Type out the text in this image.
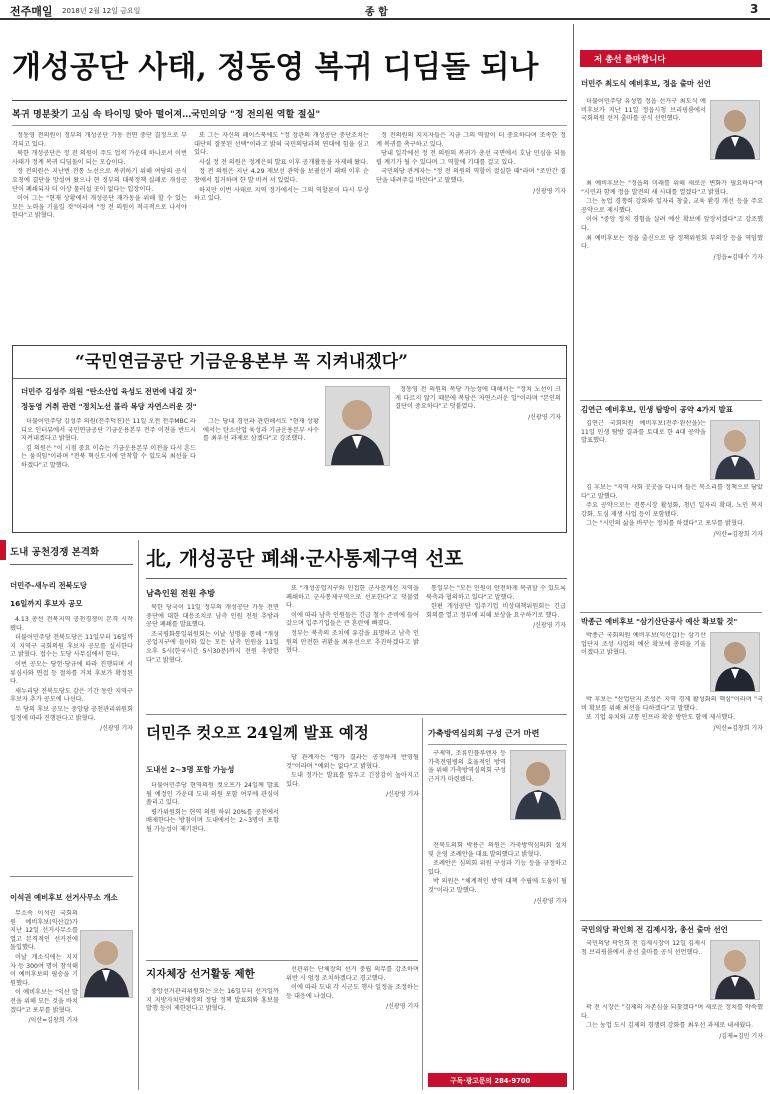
전주매일 2018년 2월 12일 금요일	종 합	3
개성공단 사태, 정동영 복귀 디딤돌 되나
복귀 명분찾기 고심 속 타이밍 맞아 떨어져…국민의당 "정 전의원 역할 절실"

정동영 전의원이 정부의 개성공단 가동 전면 중단 결정으로 부각되고 있다.

북한 개성공단은 정 전 의원이 주도 업적 가운데 하나로서 이번 사태가 정계 복귀 디딤돌이 되는 모습이다.

정 전의원은 지난번 전통 노선으로 복귀하기 위해 여당의 공식 요청에 결단을 망설여 왔으나 현 정부의 대북정책 실패로 개성공단이 폐쇄되자 더 이상 물러설 곳이 없다는 입장이다.

이어 그는 "현재 상황에서 개성공단 재가동을 위해 할 수 있는 모든 노력을 기울일 것"이라며 "정 전 의원이 적극적으로 나서야 한다"고 밝혔다.

또 그는 자신의 페이스북에도 "정 장관의 개성공단 중단조치는 대단히 잘못된 선택"이라고 밝혀 국민의당과의 연대에 힘을 싣고 있다.

사실 정 전 의원은 정계은퇴 발표 이후 공개활동을 자제해 왔다.

정 전 의원은 지난 4.29 재보선 관악을 보궐선거 패배 이후 순창에서 칩거하며 한 발 비켜 서 있었다.

하지만 이번 사태로 지역 정가에서는 그의 역할론이 다시 부상하고 있다.

정 전의원의 지지자들은 지금 그의 역할이 더 중요하다며 조속한 정계 복귀를 촉구하고 있다.

당내 일각에선 정 전 의원의 복귀가 총선 국면에서 호남 민심을 되돌릴 계기가 될 수 있다며 그 역할에 기대를 걸고 있다.

국민의당 관계자는 "정 전 의원의 역할이 절실한 때"라며 "조만간 결단을 내려주길 바란다"고 말했다.

/신광영 기자
저 총선 출마합니다
더민주 최도식 예비후보, 정읍 출마 선언

더불어민주당 유성엽 정읍 선거구 최도식 예비후보가 지난 11일 정읍시청 브리핑룸에서 국회의원 선거 출마를 공식 선언했다.

최 예비후보는 "정읍의 미래를 위해 새로운 변화가 필요하다"며 "시민과 함께 정읍 발전의 새 시대를 열겠다"고 밝혔다.

그는 농업 경쟁력 강화와 일자리 창출, 교육 환경 개선 등을 주요 공약으로 제시했다.

이어 "중앙 정치 경험을 살려 예산 확보에 앞장서겠다"고 강조했다.

최 예비후보는 정읍 출신으로 당 정책위원회 부의장 등을 역임했다.

/정읍=김태수 기자
김연근 예비후보, 민생 탐방이 공약 4가지 발표

김연근 국회의원 예비후보(전주·완산을)는 11일 민생 탐방 결과를 토대로 한 4대 공약을 발표했다.

김 후보는 "지역 사회 곳곳을 다니며 들은 목소리를 정책으로 담았다"고 말했다.

주요 공약으로는 전통시장 활성화, 청년 일자리 확대, 노인 복지 강화, 도심 재생 사업 등이 포함됐다.

그는 "시민의 삶을 바꾸는 정치를 하겠다"고 포부를 밝혔다.

/익산=김창희 기자
박종근 예비후보 "삼기산단공사 예산 확보할 것"

박종근 국회의원 예비후보(익산갑)는 삼기산업단지 조성 사업의 예산 확보에 총력을 기울이겠다고 밝혔다.

박 후보는 "산업단지 조성은 지역 경제 활성화의 핵심"이라며 "국비 확보를 위해 최선을 다하겠다"고 말했다.

또 기업 유치와 교통 인프라 확충 방안도 함께 제시했다.

/익산=김창희 기자
국민의당 곽인희 전 김제시장, 총선 출마 선언

국민의당 곽인희 전 김제시장이 12일 김제시청 브리핑룸에서 총선 출마를 공식 선언했다.

곽 전 시장은 "김제의 자존심을 되찾겠다"며 새로운 정치를 약속했다.

그는 농업 도시 김제의 경쟁력 강화를 최우선 과제로 내세웠다.

/김제=김민 기자
“국민연금공단 기금운용본부 꼭 지켜내겠다”
더민주 김성주 의원 "탄소산업 육성도 전면에 내걸 것"
정동영 거취 관련 "정치노선 몰라 복당 자연스러운 것"

더불어민주당 김성주 의원(전주덕진)은 11일 오전 전주MBC 라디오 인터뷰에서 국민연금공단 기금운용본부 전주 이전을 반드시 지켜내겠다고 밝혔다.

김 의원은 "이 시점 중요 이슈는 기금운용본부 이전을 다시 흔드는 움직임"이라며 "전북 혁신도시에 안착할 수 있도록 최선을 다하겠다"고 말했다.

그는 당내 경선과 관련해서도 "현재 상황에서는 탄소산업 육성과 기금운용본부 사수를 최우선 과제로 삼겠다"고 강조했다.

정동영 전 의원의 복당 가능성에 대해서는 "정치 노선이 크게 다르지 않기 때문에 복당은 자연스러운 일"이라며 "본인의 결단이 중요하다"고 덧붙였다.

/신광영 기자
도내 공천경쟁 본격화
더민주-새누리 전북도당
16일까지 후보자 공모

4.13 총선 전북지역 공천경쟁이 본격 시작 됐다.

더불어민주당 전북도당은 11일부터 16일까지 지역구 국회의원 후보자 공모를 실시한다고 밝혔다. 접수는 도당 사무실에서 한다.

이번 공모는 당헌·당규에 따라 진행되며 서류심사와 면접 등 절차를 거쳐 후보가 확정된다.

새누리당 전북도당도 같은 기간 동안 지역구 후보자 추가 공모에 나선다.

두 당의 후보 공모는 중앙당 공천관리위원회 일정에 따라 진행된다고 밝혔다.

/신광영 기자
이석권 예비후보 선거사무소 개소

무소속 이석권 국회의원 예비후보(익산갑)가 지난 12일 선거사무소를 열고 본격적인 선거전에 돌입했다.

이날 개소식에는 지지자 등 300여 명이 참석해 이 예비후보의 필승을 기원했다.

이 예비후보는 "익산 발전을 위해 모든 것을 바치겠다"고 포부를 밝혔다.

/익산=김창희 기자
北, 개성공단 폐쇄·군사통제구역 선포
남측인원 전원 추방

북한 당국이 11일 정부의 개성공단 가동 전면 중단에 대한 대응조치로 남측 인원 전원 추방과 공단 폐쇄를 발표했다.

조국평화통일위원회는 이날 성명을 통해 "개성공업지구에 들어와 있는 모든 남측 인원을 11일 오후 5시(한국시간 5시30분)까지 전원 추방한다"고 밝혔다.

또 "개성공업지구와 인접한 군사분계선 지역을 폐쇄하고 군사통제구역으로 선포한다"고 덧붙였다.

이에 따라 남측 인원들은 긴급 철수 준비에 들어갔으며 입주기업들은 큰 혼란에 빠졌다.

정부는 북측의 조치에 유감을 표명하고 남측 인원의 안전한 귀환을 최우선으로 추진하겠다고 밝혔다.

통일부는 "모든 인원이 안전하게 복귀할 수 있도록 북측과 협의하고 있다"고 말했다.

한편 개성공단 입주기업 비상대책위원회는 긴급 회의를 열고 정부에 피해 보상을 요구하기로 했다.

/신광영 기자
더민주 컷오프 24일께 발표 예정
도내선 2~3명 포함 가능성

더불어민주당 현역의원 컷오프가 24일께 발표될 예정인 가운데 도내 의원 포함 여부에 관심이 쏠리고 있다.

평가위원회는 현역 의원 하위 20%를 공천에서 배제한다는 방침이며 도내에서는 2~3명이 포함될 가능성이 제기된다.

당 관계자는 "평가 결과는 공정하게 반영될 것"이라며 "예외는 없다"고 밝혔다.

도내 정가는 발표를 앞두고 긴장감이 높아지고 있다.

/신광영 기자
가축방역심의회 구성 근거 마련

구제역, 조류인플루엔자 등 가축전염병의 효율적인 방역을 위해 가축방역심의회 구성 근거가 마련됐다.

전북도의회 박용근 의원은 가축방역심의회 설치 및 운영 조례안을 대표 발의했다고 밝혔다.

조례안은 심의회 위원 구성과 기능 등을 규정하고 있다.

박 의원은 "체계적인 방역 대책 수립에 도움이 될 것"이라고 말했다.

/신광영 기자
구독·광고문의 284-9700
지자체장 선거활동 제한

중앙선거관리위원회는 오는 16일부터 선거일까지 지방자치단체장의 정당 정책 발표회와 홍보물 발행 등이 제한된다고 밝혔다.

선관위는 단체장의 선거 중립 의무를 강조하며 위반 시 엄정 조치하겠다고 경고했다.

이에 따라 도내 각 시군도 행사 일정을 조정하는 등 대응에 나섰다.

/신광영 기자
